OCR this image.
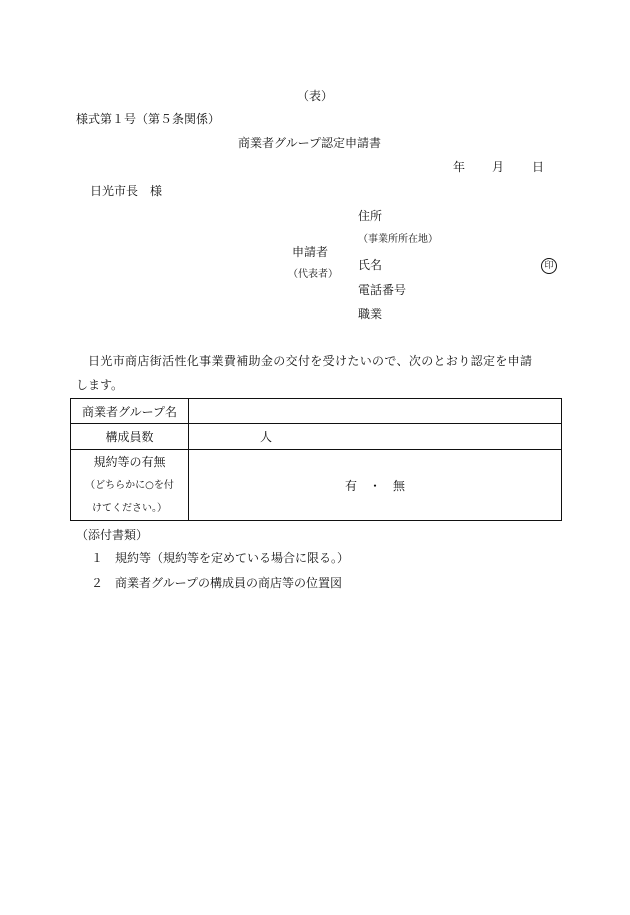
（表）
様式第１号（第５条関係）
商業者グループ認定申請書
年 月 日
日光市長　様
住所
（事業所所在地）
申請者
氏名	印
（代表者）
電話番号
職業
日光市商店街活性化事業費補助金の交付を受けたいので、次のとおり認定を申請
します。
商業者グループ名	
構成員数	人

規約等の有無
（どちらかに○を付
けてください。）	有　・　無
（添付書類）
１　規約等（規約等を定めている場合に限る。）
２　商業者グループの構成員の商店等の位置図
